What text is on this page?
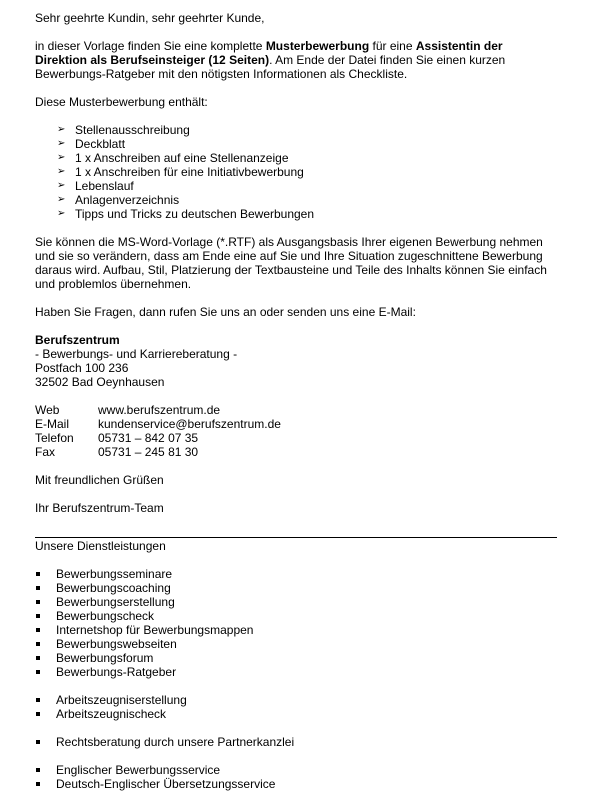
Sehr geehrte Kundin, sehr geehrter Kunde,

in dieser Vorlage finden Sie eine komplette Musterbewerbung für eine Assistentin der Direktion als Berufseinsteiger (12 Seiten). Am Ende der Datei finden Sie einen kurzen Bewerbungs-Ratgeber mit den nötigsten Informationen als Checkliste.

Diese Musterbewerbung enthält:

➢ Stellenausschreibung
➢ Deckblatt
➢ 1 x Anschreiben auf eine Stellenanzeige
➢ 1 x Anschreiben für eine Initiativbewerbung
➢ Lebenslauf
➢ Anlagenverzeichnis
➢ Tipps und Tricks zu deutschen Bewerbungen

Sie können die MS-Word-Vorlage (*.RTF) als Ausgangsbasis Ihrer eigenen Bewerbung nehmen und sie so verändern, dass am Ende eine auf Sie und Ihre Situation zugeschnittene Bewerbung daraus wird. Aufbau, Stil, Platzierung der Textbausteine und Teile des Inhalts können Sie einfach und problemlos übernehmen.

Haben Sie Fragen, dann rufen Sie uns an oder senden uns eine E-Mail:

Berufszentrum

- Bewerbungs- und Karriereberatung -

Postfach 100 236

32502 Bad Oeynhausen

Web	www.berufszentrum.de
E-Mail	kundenservice@berufszentrum.de
Telefon	05731 – 842 07 35
Fax	05731 – 245 81 30

Mit freundlichen Grüßen

Ihr Berufszentrum-Team

Unsere Dienstleistungen

Bewerbungsseminare
Bewerbungscoaching
Bewerbungserstellung
Bewerbungscheck
Internetshop für Bewerbungsmappen
Bewerbungswebseiten
Bewerbungsforum
Bewerbungs-Ratgeber
Arbeitszeugniserstellung
Arbeitszeugnischeck
Rechtsberatung durch unsere Partnerkanzlei
Englischer Bewerbungsservice
Deutsch-Englischer Übersetzungsservice
